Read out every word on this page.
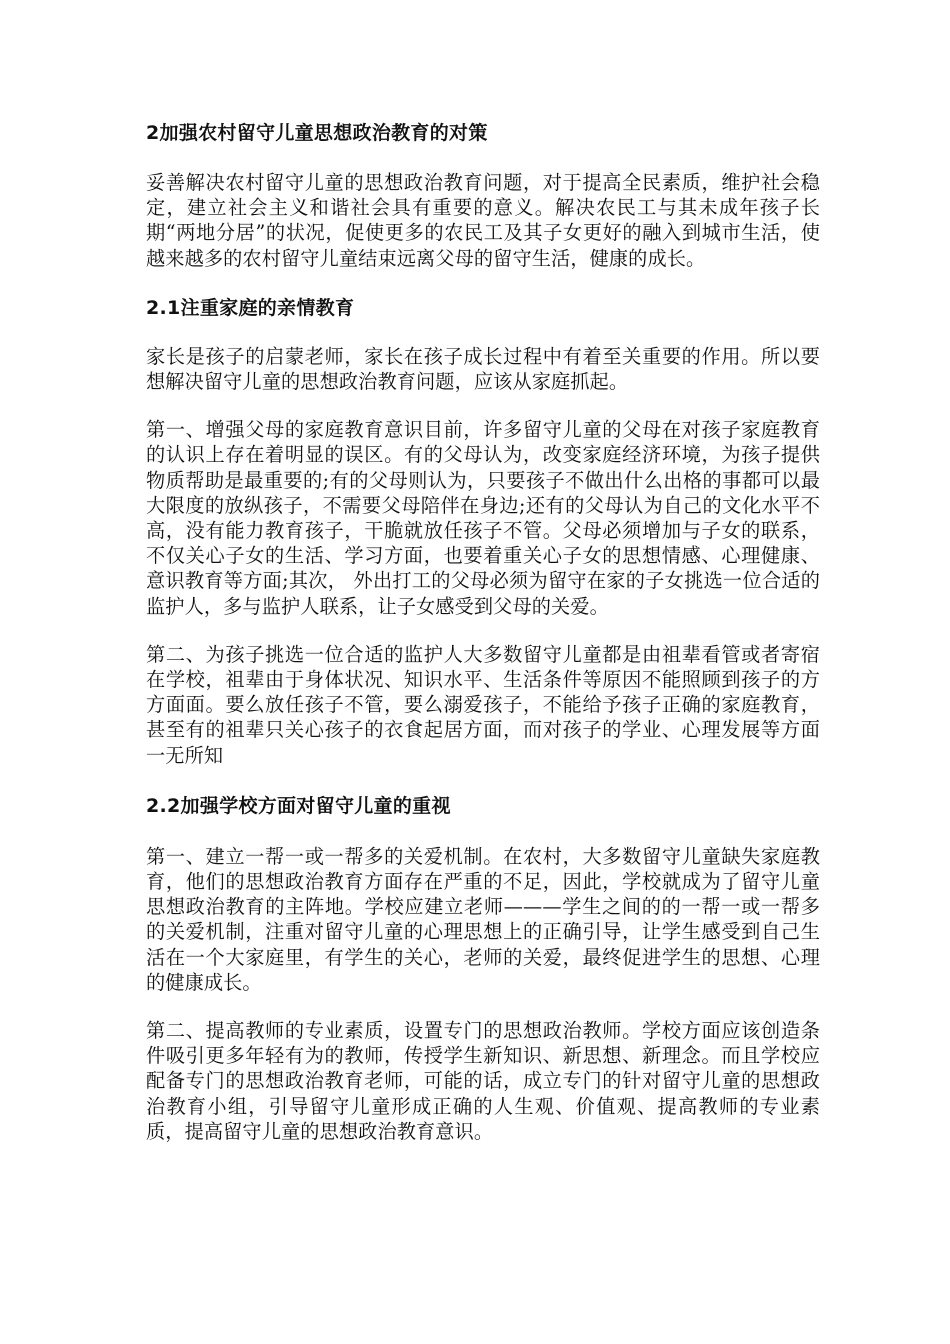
2加强农村留守儿童思想政治教育的对策

妥善解决农村留守儿童的思想政治教育问题，对于提高全民素质，维护社会稳定，建立社会主义和谐社会具有重要的意义。解决农民工与其未成年孩子长期“两地分居”的状况，促使更多的农民工及其子女更好的融入到城市生活，使越来越多的农村留守儿童结束远离父母的留守生活，健康的成长。

2.1注重家庭的亲情教育

家长是孩子的启蒙老师，家长在孩子成长过程中有着至关重要的作用。所以要想解决留守儿童的思想政治教育问题，应该从家庭抓起。

第一、增强父母的家庭教育意识目前，许多留守儿童的父母在对孩子家庭教育的认识上存在着明显的误区。有的父母认为，改变家庭经济环境，为孩子提供物质帮助是最重要的;有的父母则认为，只要孩子不做出什么出格的事都可以最大限度的放纵孩子，不需要父母陪伴在身边;还有的父母认为自己的文化水平不高，没有能力教育孩子，干脆就放任孩子不管。父母必须增加与子女的联系，不仅关心子女的生活、学习方面，也要着重关心子女的思想情感、心理健康、意识教育等方面;其次， 外出打工的父母必须为留守在家的子女挑选一位合适的监护人，多与监护人联系，让子女感受到父母的关爱。

第二、为孩子挑选一位合适的监护人大多数留守儿童都是由祖辈看管或者寄宿在学校，祖辈由于身体状况、知识水平、生活条件等原因不能照顾到孩子的方方面面。要么放任孩子不管，要么溺爱孩子，不能给予孩子正确的家庭教育，甚至有的祖辈只关心孩子的衣食起居方面，而对孩子的学业、心理发展等方面一无所知

2.2加强学校方面对留守儿童的重视

第一、建立一帮一或一帮多的关爱机制。在农村，大多数留守儿童缺失家庭教育，他们的思想政治教育方面存在严重的不足，因此，学校就成为了留守儿童思想政治教育的主阵地。学校应建立老师———学生之间的的一帮一或一帮多的关爱机制，注重对留守儿童的心理思想上的正确引导，让学生感受到自己生活在一个大家庭里，有学生的关心，老师的关爱，最终促进学生的思想、心理的健康成长。

第二、提高教师的专业素质，设置专门的思想政治教师。学校方面应该创造条件吸引更多年轻有为的教师，传授学生新知识、新思想、新理念。而且学校应配备专门的思想政治教育老师，可能的话，成立专门的针对留守儿童的思想政治教育小组，引导留守儿童形成正确的人生观、价值观、提高教师的专业素质，提高留守儿童的思想政治教育意识。
